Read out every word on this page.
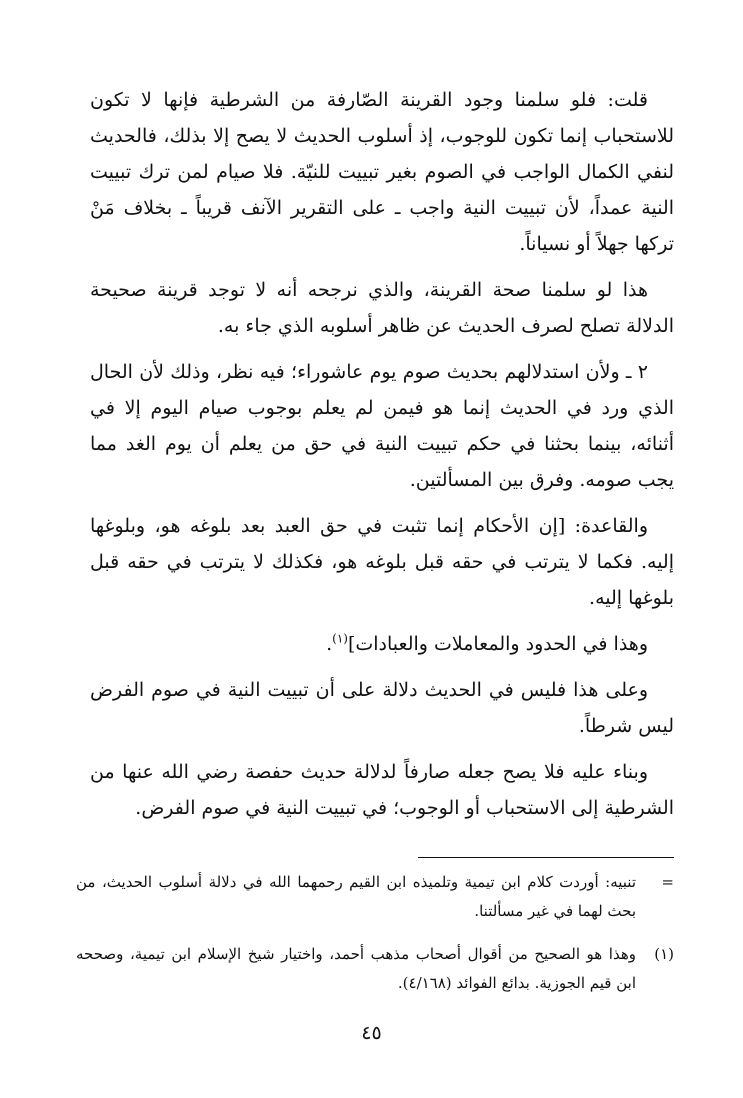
قلت: فلو سلمنا وجود القرينة الصّارفة من الشرطية فإنها لا تكون للاستحباب إنما تكون للوجوب، إذ أسلوب الحديث لا يصح إلا بذلك، فالحديث لنفي الكمال الواجب في الصوم بغير تبييت للنيّة. فلا صيام لمن ترك تبييت النية عمداً، لأن تبييت النية واجب ـ على التقرير الآنف قريباً ـ بخلاف مَنْ تركها جهلاً أو نسياناً.

هذا لو سلمنا صحة القرينة، والذي نرجحه أنه لا توجد قرينة صحيحة الدلالة تصلح لصرف الحديث عن ظاهر أسلوبه الذي جاء به.

٢ ـ ولأن استدلالهم بحديث صوم يوم عاشوراء؛ فيه نظر، وذلك لأن الحال الذي ورد في الحديث إنما هو فيمن لم يعلم بوجوب صيام اليوم إلا في أثنائه، بينما بحثنا في حكم تبييت النية في حق من يعلم أن يوم الغد مما يجب صومه. وفرق بين المسألتين.

والقاعدة: [إن الأحكام إنما تثبت في حق العبد بعد بلوغه هو، وبلوغها إليه. فكما لا يترتب في حقه قبل بلوغه هو، فكذلك لا يترتب في حقه قبل بلوغها إليه.

وهذا في الحدود والمعاملات والعبادات]$^{(١)}$.

وعلى هذا فليس في الحديث دلالة على أن تبييت النية في صوم الفرض ليس شرطاً.

وبناء عليه فلا يصح جعله صارفاً لدلالة حديث حفصة رضي الله عنها من الشرطية إلى الاستحباب أو الوجوب؛ في تبييت النية في صوم الفرض.

=
تنبيه: أوردت كلام ابن تيمية وتلميذه ابن القيم رحمهما الله في دلالة أسلوب الحديث، من بحث لهما في غير مسألتنا.
(١)
وهذا هو الصحيح من أقوال أصحاب مذهب أحمد، واختيار شيخ الإسلام ابن تيمية، وصححه ابن قيم الجوزية. بدائع الفوائد (٤/١٦٨).
٤٥
